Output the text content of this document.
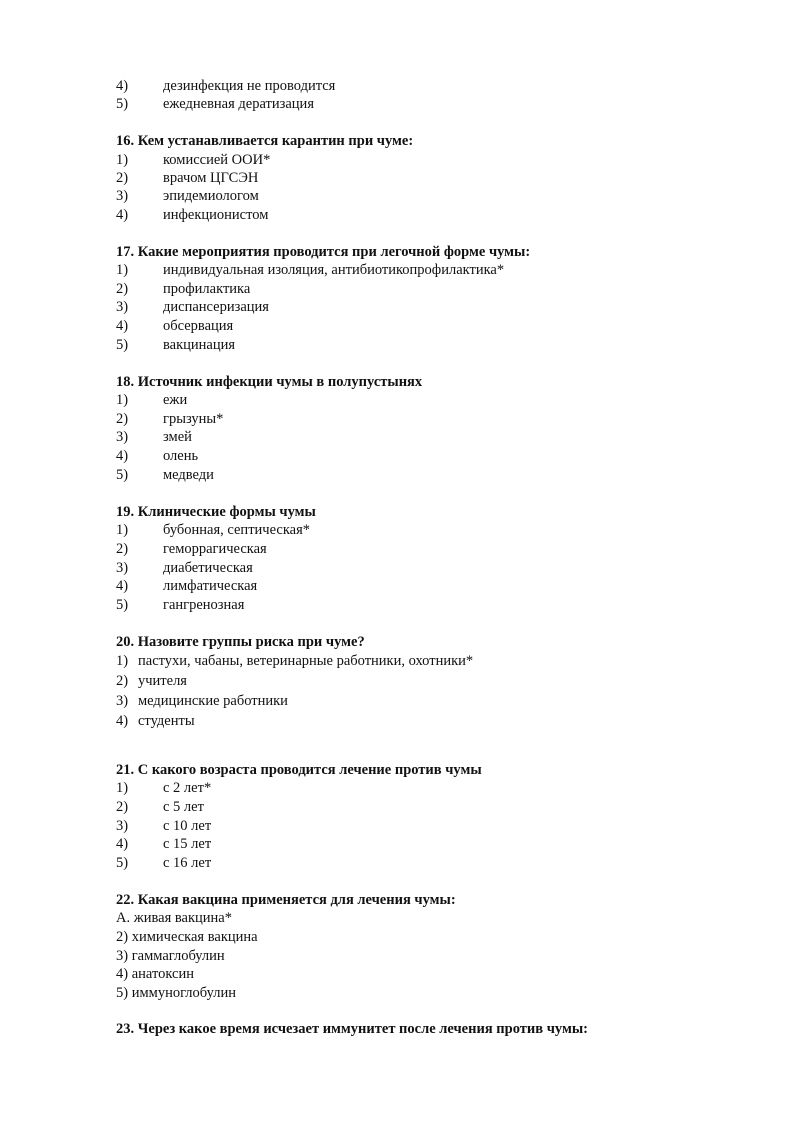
4) дезинфекция не проводится
5) ежедневная дератизация
16. Кем устанавливается карантин при чуме:
1) комиссией ООИ*
2) врачом ЦГСЭН
3) эпидемиологом
4) инфекционистом
17. Какие мероприятия проводится при легочной форме чумы:
1) индивидуальная изоляция, антибиотикопрофилактика*
2) профилактика
3) диспансеризация
4) обсервация
5) вакцинация
18. Источник инфекции чумы в полупустынях
1) ежи
2) грызуны*
3) змей
4) олень
5) медведи
19. Клинические формы чумы
1) бубонная, септическая*
2) геморрагическая
3) диабетическая
4) лимфатическая
5) гангренозная
20. Назовите группы риска при чуме?
1) пастухи, чабаны, ветеринарные работники, охотники*
2) учителя
3) медицинские работники
4) студенты
21. С какого возраста проводится лечение против чумы
1) с 2 лет*
2) с 5 лет
3) с 10 лет
4) с 15 лет
5) с 16 лет
22. Какая вакцина применяется для лечения чумы:
А. живая вакцина*
2) химическая вакцина
3) гаммаглобулин
4) анатоксин
5) иммуноглобулин
23. Через какое время исчезает иммунитет после лечения против чумы:
